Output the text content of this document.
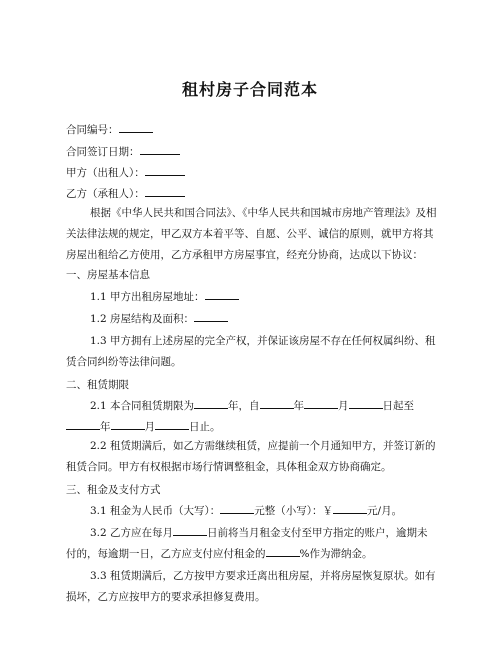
租村房子合同范本
合同编号：
合同签订日期：
甲方（出租人）：
乙方（承租人）：
根据《中华人民共和国合同法》、《中华人民共和国城市房地产管理法》及相关法律法规的规定，甲乙双方本着平等、自愿、公平、诚信的原则，就甲方将其房屋出租给乙方使用，乙方承租甲方房屋事宜，经充分协商，达成以下协议：
一、房屋基本信息
1.1 甲方出租房屋地址：
1.2 房屋结构及面积：
1.3 甲方拥有上述房屋的完全产权，并保证该房屋不存在任何权属纠纷、租赁合同纠纷等法律问题。
二、租赁期限
2.1 本合同租赁期限为	年，自	年	月	日起至年	月	日止。
2.2 租赁期满后，如乙方需继续租赁，应提前一个月通知甲方，并签订新的租赁合同。甲方有权根据市场行情调整租金，具体租金双方协商确定。
三、租金及支付方式
3.1 租金为人民币（大写）：	元整（小写）：￥	元/月。
3.2 乙方应在每月	日前将当月租金支付至甲方指定的账户，逾期未付的，每逾期一日，乙方应支付应付租金的	%作为滞纳金。
3.3 租赁期满后，乙方按甲方要求迁离出租房屋，并将房屋恢复原状。如有损坏，乙方应按甲方的要求承担修复费用。
